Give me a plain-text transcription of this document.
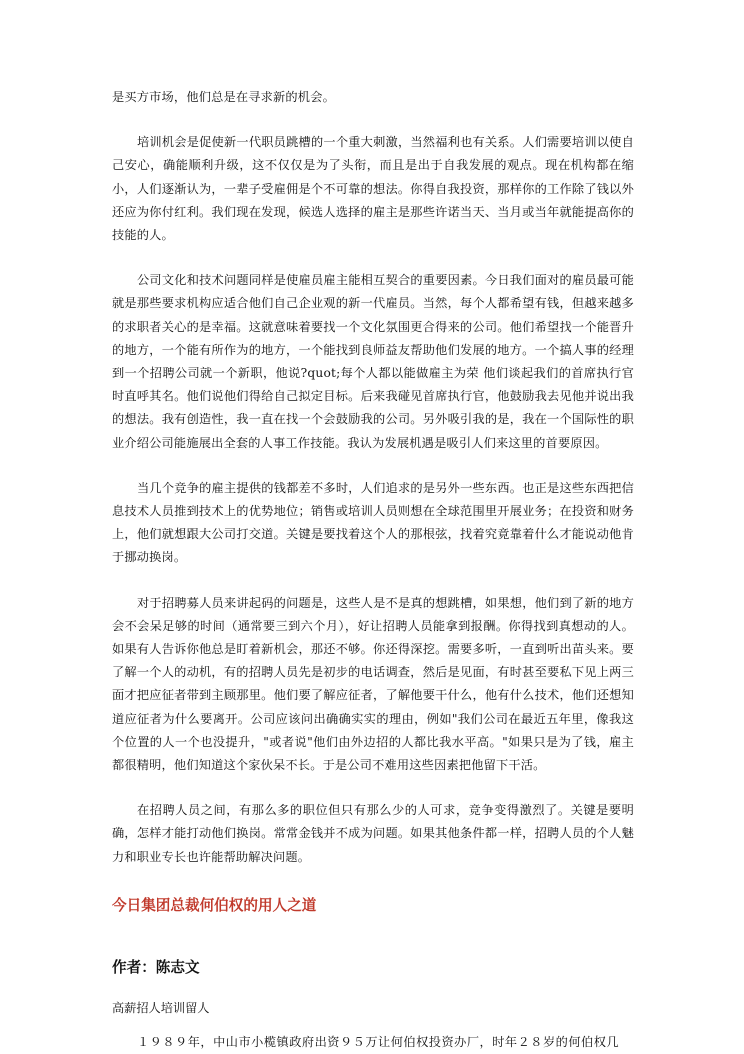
是买方市场，他们总是在寻求新的机会。

培训机会是促使新一代职员跳槽的一个重大刺激，当然福利也有关系。人们需要培训以使自己安心，确能顺利升级，这不仅仅是为了头衔，而且是出于自我发展的观点。现在机构都在缩小，人们逐渐认为，一辈子受雇佣是个不可靠的想法。你得自我投资，那样你的工作除了钱以外还应为你付红利。我们现在发现，候选人选择的雇主是那些许诺当天、当月或当年就能提高你的技能的人。

公司文化和技术问题同样是使雇员雇主能相互契合的重要因素。今日我们面对的雇员最可能就是那些要求机构应适合他们自己企业观的新一代雇员。当然，每个人都希望有钱，但越来越多的求职者关心的是幸福。这就意味着要找一个文化氛围更合得来的公司。他们希望找一个能晋升的地方，一个能有所作为的地方，一个能找到良师益友帮助他们发展的地方。一个搞人事的经理到一个招聘公司就一个新职，他说?quot;每个人都以能做雇主为荣 他们谈起我们的首席执行官时直呼其名。他们说他们得给自己拟定目标。后来我碰见首席执行官，他鼓励我去见他并说出我的想法。我有创造性，我一直在找一个会鼓励我的公司。另外吸引我的是，我在一个国际性的职业介绍公司能施展出全套的人事工作技能。我认为发展机遇是吸引人们来这里的首要原因。

当几个竞争的雇主提供的钱都差不多时，人们追求的是另外一些东西。也正是这些东西把信息技术人员推到技术上的优势地位；销售或培训人员则想在全球范围里开展业务；在投资和财务上，他们就想跟大公司打交道。关键是要找着这个人的那根弦，找着究竟靠着什么才能说动他肯于挪动换岗。

对于招聘募人员来讲起码的问题是，这些人是不是真的想跳槽，如果想，他们到了新的地方会不会呆足够的时间（通常要三到六个月），好让招聘人员能拿到报酬。你得找到真想动的人。如果有人告诉你他总是盯着新机会，那还不够。你还得深挖。需要多听，一直到听出苗头来。要了解一个人的动机，有的招聘人员先是初步的电话调查，然后是见面，有时甚至要私下见上两三面才把应征者带到主顾那里。他们要了解应征者，了解他要干什么，他有什么技术，他们还想知道应征者为什么要离开。公司应该问出确确实实的理由，例如"我们公司在最近五年里，像我这个位置的人一个也没提升，"或者说"他们由外边招的人都比我水平高。"如果只是为了钱，雇主都很精明，他们知道这个家伙呆不长。于是公司不难用这些因素把他留下干活。

在招聘人员之间，有那么多的职位但只有那么少的人可求，竞争变得激烈了。关键是要明确，怎样才能打动他们换岗。常常金钱并不成为问题。如果其他条件都一样，招聘人员的个人魅力和职业专长也许能帮助解决问题。

今日集团总裁何伯权的用人之道
作者：陈志文
高薪招人培训留人

１９８９年，中山市小榄镇政府出资９５万让何伯权投资办厂，时年２８岁的何伯权几
